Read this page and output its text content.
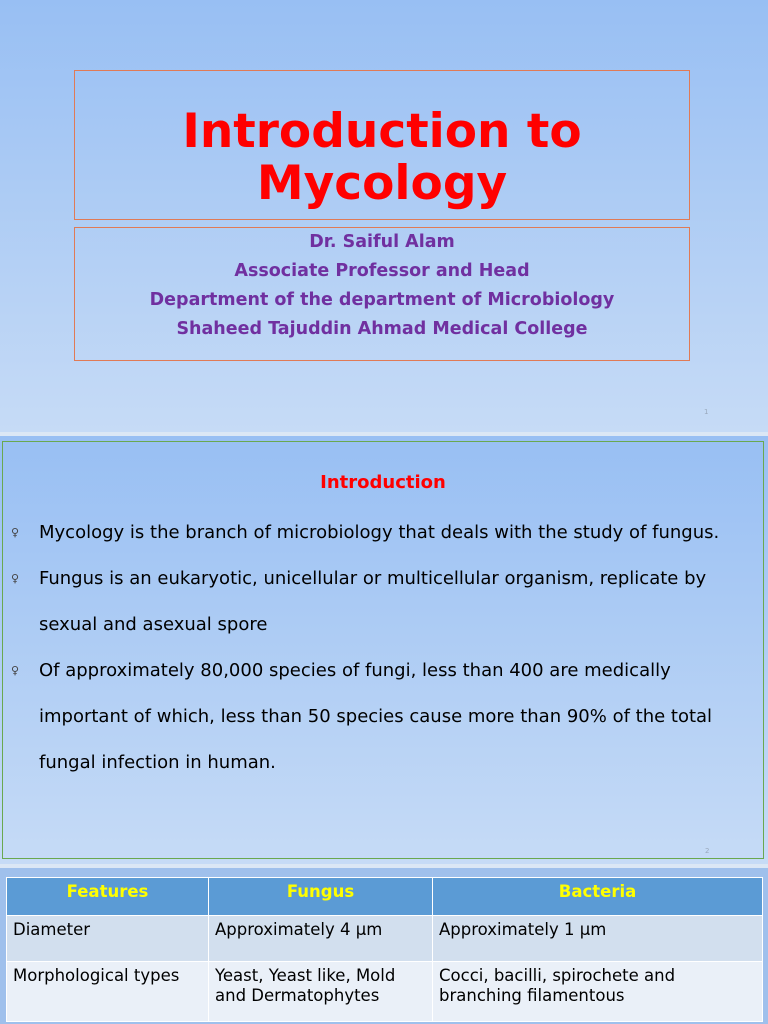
Introduction to Mycology

Dr. Saiful Alam

Associate Professor and Head

Department of the department of Microbiology

Shaheed Tajuddin Ahmad Medical College

1
Introduction
♀ Mycology is the branch of microbiology that deals with the study of fungus.
♀ Fungus is an eukaryotic, unicellular or multicellular organism, replicate by sexual and asexual spore
♀ Of approximately 80,000 species of fungi, less than 400 are medically important of which, less than 50 species cause more than 90% of the total fungal infection in human.
2
Features	Fungus	Bacteria
Diameter	Approximately 4 µm	Approximately 1 µm
Morphological types	Yeast, Yeast like, Mold and Dermatophytes	Cocci, bacilli, spirochete and branching filamentous
